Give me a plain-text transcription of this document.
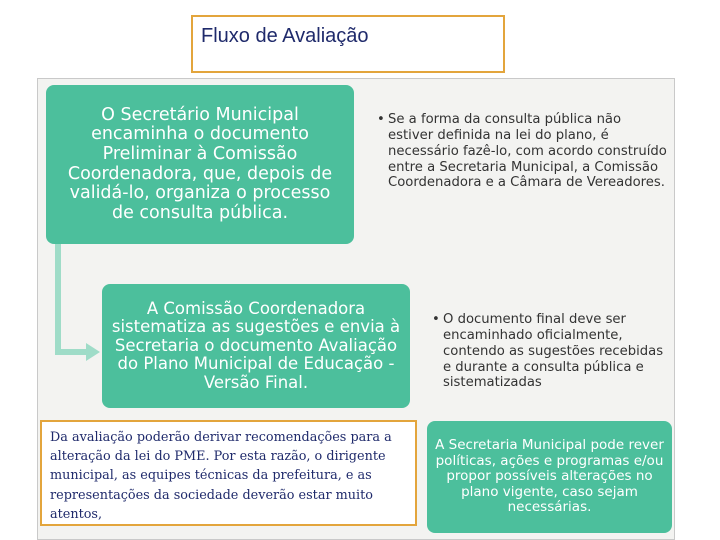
Fluxo de Avaliação
O Secretário Municipal encaminha o documento Preliminar à Comissão Coordenadora, que, depois de validá-lo, organiza o processo de consulta pública.
• Se a forma da consulta pública não estiver definida na lei do plano, é necessário fazê-lo, com acordo construído entre a Secretaria Municipal, a Comissão Coordenadora e a Câmara de Vereadores.
A Comissão Coordenadora sistematiza as sugestões e envia à Secretaria o documento Avaliação do Plano Municipal de Educação - Versão Final.
• O documento final deve ser encaminhado oficialmente, contendo as sugestões recebidas e durante a consulta pública e sistematizadas
A Secretaria Municipal pode rever políticas, ações e programas e/ou propor possíveis alterações no plano vigente, caso sejam necessárias.
Da avaliação poderão derivar recomendações para a alteração da lei do PME. Por esta razão, o dirigente municipal, as equipes técnicas da prefeitura, e as representações da sociedade deverão estar muito atentos,
